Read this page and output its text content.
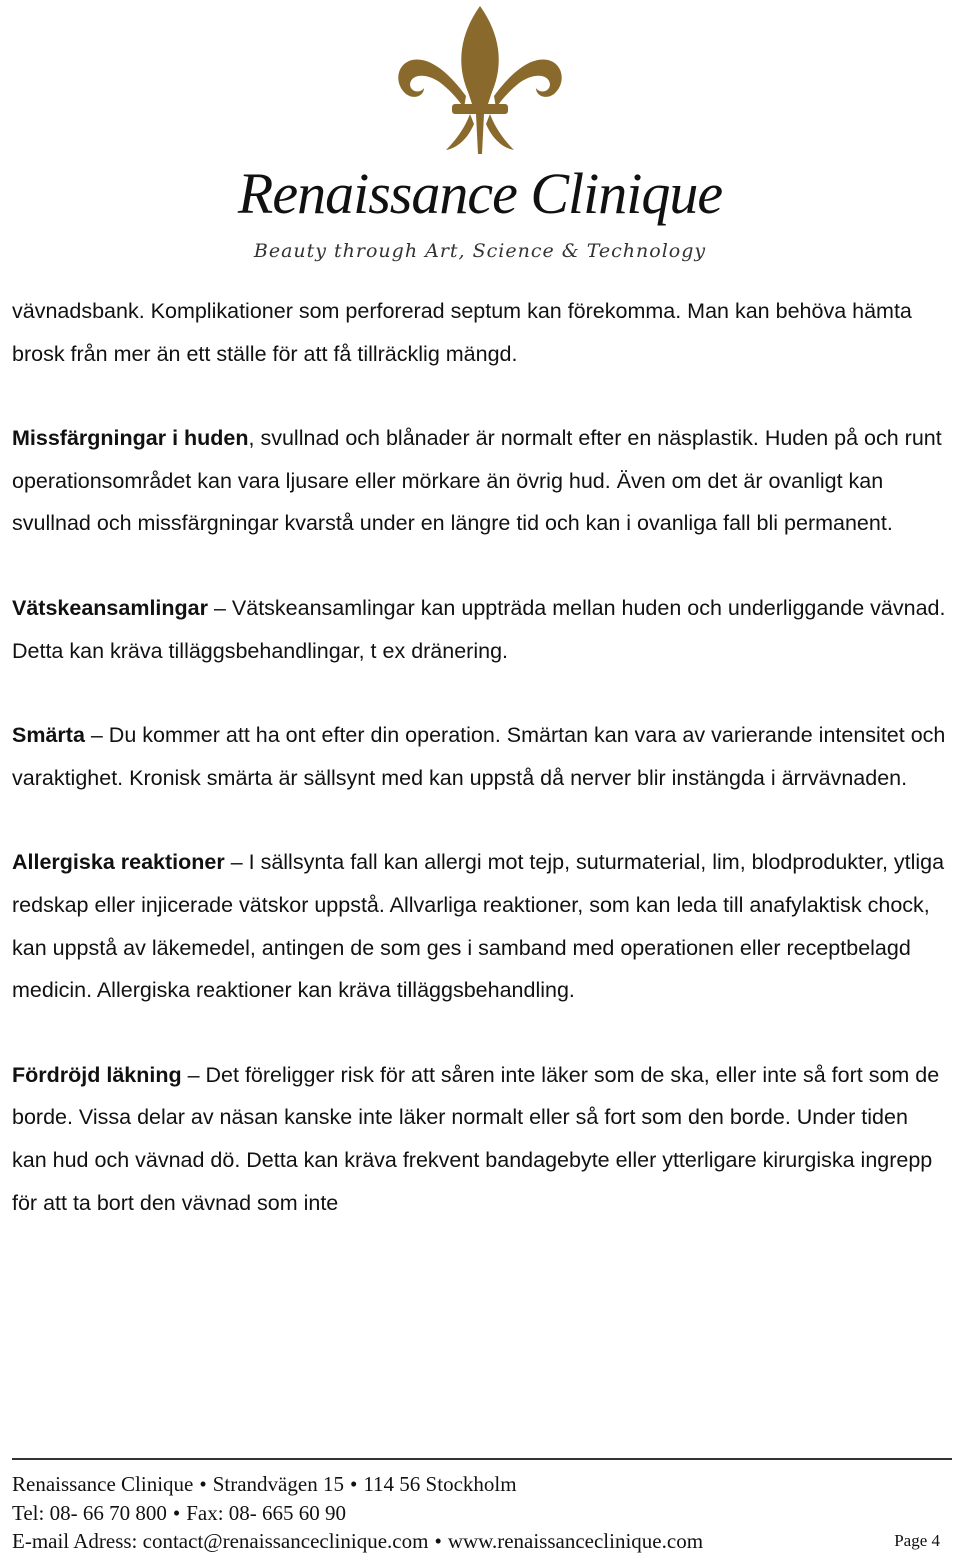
Renaissance Clinique
Beauty through Art, Science & Technology

vävnadsbank. Komplikationer som perforerad septum kan förekomma. Man kan behöva hämta brosk från mer än ett ställe för att få tillräcklig mängd.

Missfärgningar i huden, svullnad och blånader är normalt efter en näsplastik. Huden på och runt operationsområdet kan vara ljusare eller mörkare än övrig hud. Även om det är ovanligt kan svullnad och missfärgningar kvarstå under en längre tid och kan i ovanliga fall bli permanent.

Vätskeansamlingar – Vätskeansamlingar kan uppträda mellan huden och underliggande vävnad. Detta kan kräva tilläggsbehandlingar, t ex dränering.

Smärta – Du kommer att ha ont efter din operation. Smärtan kan vara av varierande intensitet och varaktighet. Kronisk smärta är sällsynt med kan uppstå då nerver blir instängda i ärrvävnaden.

Allergiska reaktioner – I sällsynta fall kan allergi mot tejp, suturmaterial, lim, blodprodukter, ytliga redskap eller injicerade vätskor uppstå. Allvarliga reaktioner, som kan leda till anafylaktisk chock, kan uppstå av läkemedel, antingen de som ges i samband med operationen eller receptbelagd medicin. Allergiska reaktioner kan kräva tilläggsbehandling.

Fördröjd läkning – Det föreligger risk för att såren inte läker som de ska, eller inte så fort som de borde. Vissa delar av näsan kanske inte läker normalt eller så fort som den borde. Under tiden kan hud och vävnad dö. Detta kan kräva frekvent bandagebyte eller ytterligare kirurgiska ingrepp för att ta bort den vävnad som inte

Renaissance Clinique • Strandvägen 15 • 114 56 Stockholm
Tel: 08- 66 70 800 • Fax: 08- 665 60 90
E-mail Adress: contact@renaissanceclinique.com • www.renaissanceclinique.com	Page 4
